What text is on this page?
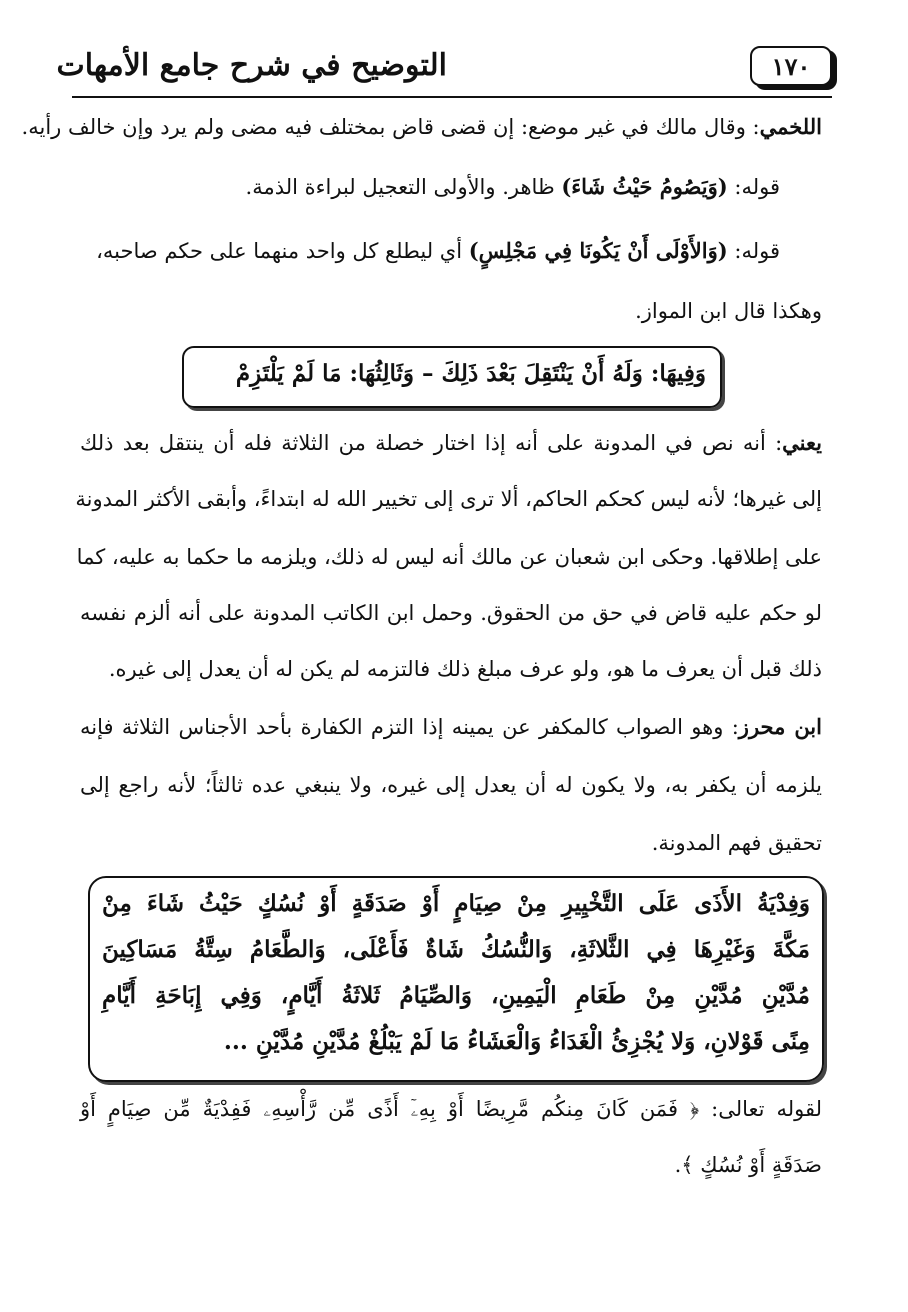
١٧٠
التوضيح في شرح جامع الأمهات
اللخمي: وقال مالك في غير موضع: إن قضى قاض بمختلف فيه مضى ولم يرد وإن خالف رأيه.
قوله: (وَيَصُومُ حَيْثُ شَاءَ) ظاهر. والأولى التعجيل لبراءة الذمة.
قوله: (وَالأَوْلَى أَنْ يَكُونَا فِي مَجْلِسٍ) أي ليطلع كل واحد منهما على حكم صاحبه،
وهكذا قال ابن المواز.
وَفِيهَا: وَلَهُ أَنْ يَنْتَقِلَ بَعْدَ ذَلِكَ – وَثَالِثُهَا: مَا لَمْ يَلْتَزِمْ
يعني: أنه نص في المدونة على أنه إذا اختار خصلة من الثلاثة فله أن ينتقل بعد ذلك
إلى غيرها؛ لأنه ليس كحكم الحاكم، ألا ترى إلى تخيير الله له ابتداءً، وأبقى الأكثر المدونة
على إطلاقها. وحكى ابن شعبان عن مالك أنه ليس له ذلك، ويلزمه ما حكما به عليه، كما
لو حكم عليه قاض في حق من الحقوق. وحمل ابن الكاتب المدونة على أنه ألزم نفسه
ذلك قبل أن يعرف ما هو، ولو عرف مبلغ ذلك فالتزمه لم يكن له أن يعدل إلى غيره.
ابن محرز: وهو الصواب كالمكفر عن يمينه إذا التزم الكفارة بأحد الأجناس الثلاثة فإنه
يلزمه أن يكفر به، ولا يكون له أن يعدل إلى غيره، ولا ينبغي عده ثالثاً؛ لأنه راجع إلى
تحقيق فهم المدونة.
وَفِدْيَةُ الأَذَى عَلَى التَّخْيِيرِ مِنْ صِيَامٍ أَوْ صَدَقَةٍ أَوْ نُسُكٍ حَيْثُ شَاءَ مِنْ
مَكَّةَ وَغَيْرِهَا فِي الثَّلاثَةِ، وَالنُّسُكُ شَاةٌ فَأَعْلَى، وَالطَّعَامُ سِتَّةُ مَسَاكِينَ
مُدَّيْنِ مُدَّيْنِ مِنْ طَعَامِ الْيَمِينِ، وَالصِّيَامُ ثَلاثَةُ أَيَّامٍ، وَفِي إِبَاحَةِ أَيَّامِ
مِنًى قَوْلانِ، وَلا يُجْزِئُ الْغَدَاءُ وَالْعَشَاءُ مَا لَمْ يَبْلُغْ مُدَّيْنِ مُدَّيْنِ ...
لقوله تعالى: ﴿ فَمَن كَانَ مِنكُم مَّرِيضًا أَوْ بِهِۦٓ أَذًى مِّن رَّأْسِهِۦ فَفِدْيَةٌ مِّن صِيَامٍ أَوْ
صَدَقَةٍ أَوْ نُسُكٍ ﴾.
